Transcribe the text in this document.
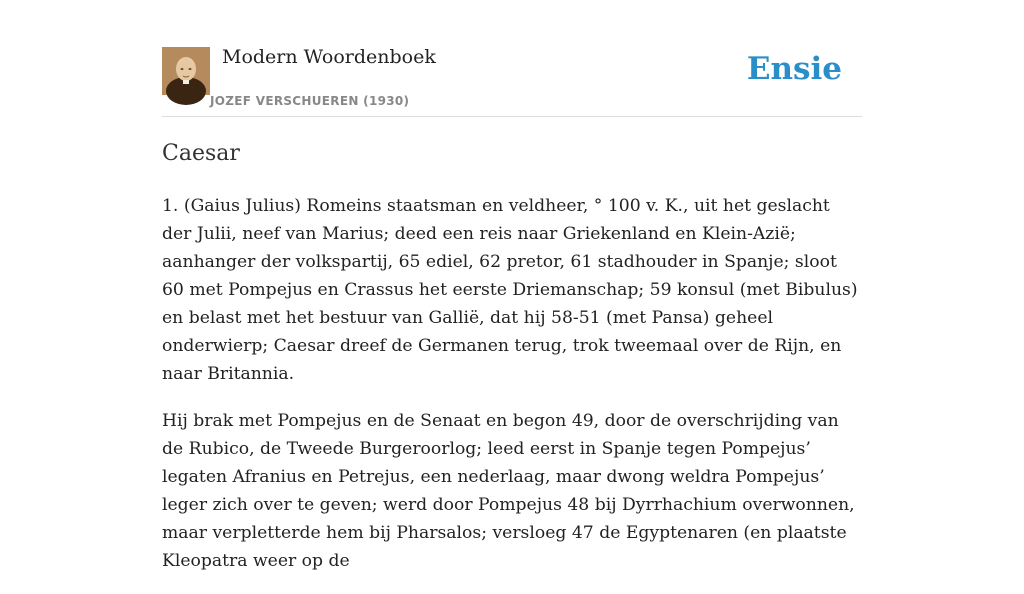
Modern Woordenboek
JOZEF VERSCHUEREN (1930)
Ensie
Caesar

1. (Gaius Julius) Romeins staatsman en veldheer, ° 100 v. K., uit het geslacht der Julii, neef van Marius; deed een reis naar Griekenland en Klein-Azië; aanhanger der volkspartij, 65 ediel, 62 pretor, 61 stadhouder in Spanje; sloot 60 met Pompejus en Crassus het eerste Driemanschap; 59 konsul (met Bibulus) en belast met het bestuur van Gallië, dat hij 58-51 (met Pansa) geheel onderwierp; Caesar dreef de Germanen terug, trok tweemaal over de Rijn, en naar Britannia.

Hij brak met Pompejus en de Senaat en begon 49, door de overschrijding van de Rubico, de Tweede Burgeroorlog; leed eerst in Spanje tegen Pompejus’ legaten Afranius en Petrejus, een nederlaag, maar dwong weldra Pompejus’ leger zich over te geven; werd door Pompejus 48 bij Dyrrhachium overwonnen, maar verpletterde hem bij Pharsalos; versloeg 47 de Egyptenaren (en plaatste Kleopatra weer op de
